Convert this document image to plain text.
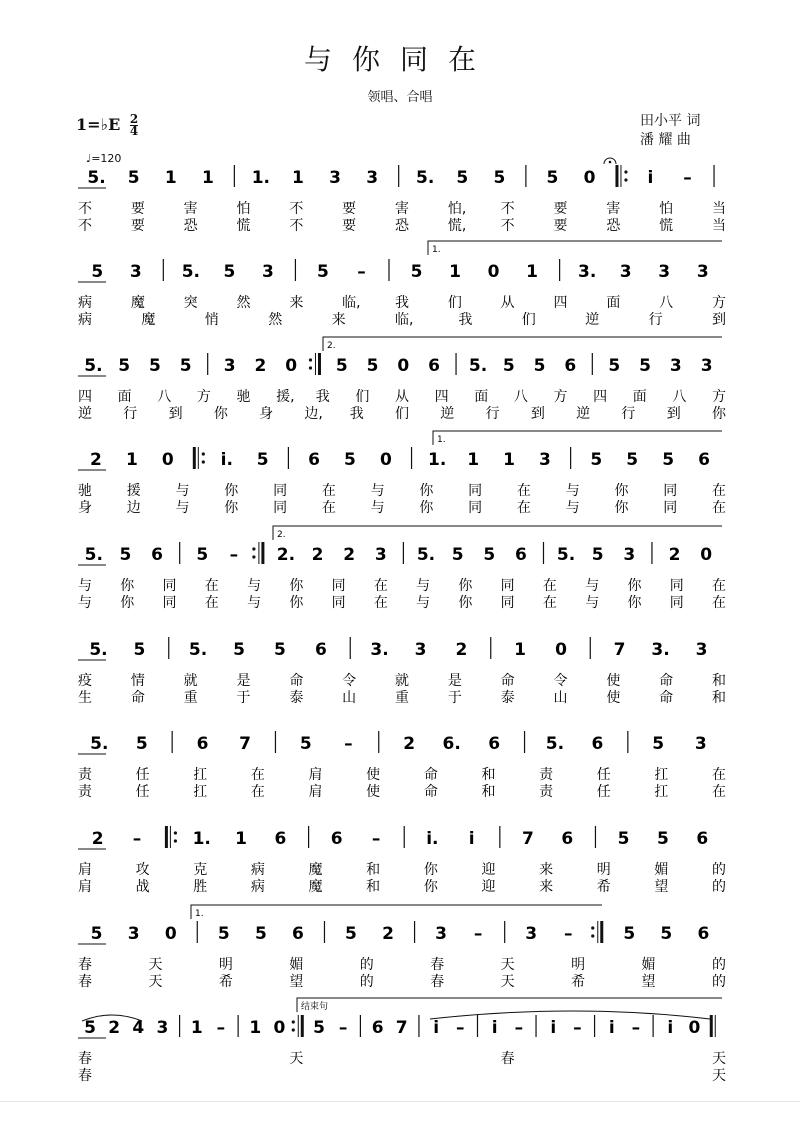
与你同在
领唱、合唱
1=♭E $\frac{2}{4}$	田小平 词
潘 耀 曲
♩=120
5. 5 1 1 1. 1 3 3 5. 5 5 5 0	i –
不	要	害	怕	不	要	害	怕, 不	要	害	怕	当
不	要	恐	慌	不	要	恐	慌, 不	要	恐	慌	当
5 3 5. 5 3	5 –	5 1 0 1 3. 3 3 3
病	魔	突	然	来	临, 我	们	从	四	面	八	方
病	魔	悄	然	来	临,	我	们	逆	行	到
5. 5 5 5 3 2 0 5 5 0 6 5. 5 5 6 5 5 3 3
四 面 八 方 驰 援, 我 们 从 四 面 八 方 四 面 八 方
逆 行 到 你 身 边, 我 们 逆 行 到 逆 行 到 你
2 1 0	i. 5 6 5 0 1. 1 1 3 5 5 5 6
驰 援 与 你 同 在 与 你 同 在 与 你 同 在
身 边 与 你 同 在 与 你 同 在 与 你 同 在
5. 5 6 5 – 2. 2 2 3 5. 5 5 6 5. 5 3 2 0
与 你 同 在 与 你 同 在 与 你 同 在 与 你 同 在
与 你 同 在 与 你 同 在 与 你 同 在 与 你 同 在
5. 5	5. 5 5 6	3. 3 2	1 0	7 3. 3
疫	情	就	是	命	令	就	是	命	令	使	命	和
生	命	重	于	泰	山	重	于	泰	山	使	命	和
5. 5	6 7	5 –	2 6. 6	5. 6	5 3
责	任	扛	在	肩	使	命	和	责	任	扛	在
责	任	扛	在	肩	使	命	和	责	任	扛	在
2 –	1. 1 6	6 –	i. i	7 6	5 5 6
肩	攻	克	病	魔	和	你	迎	来	明	媚	的
肩	战	胜	病	魔	和	你	迎	来	希	望	的
5 3 0 5 5 6 5 2 3 –	3 –	5 5 6
春	天	明	媚	的	春	天	明	媚	的
春	天	希	望	的	春	天	希	望	的
5 2 4 3 1 – 1 0 5 – 6 7 i – i – i – i – i 0
春	天	春	天
春	天
1.
2.
1.
2.
1.
结束句
